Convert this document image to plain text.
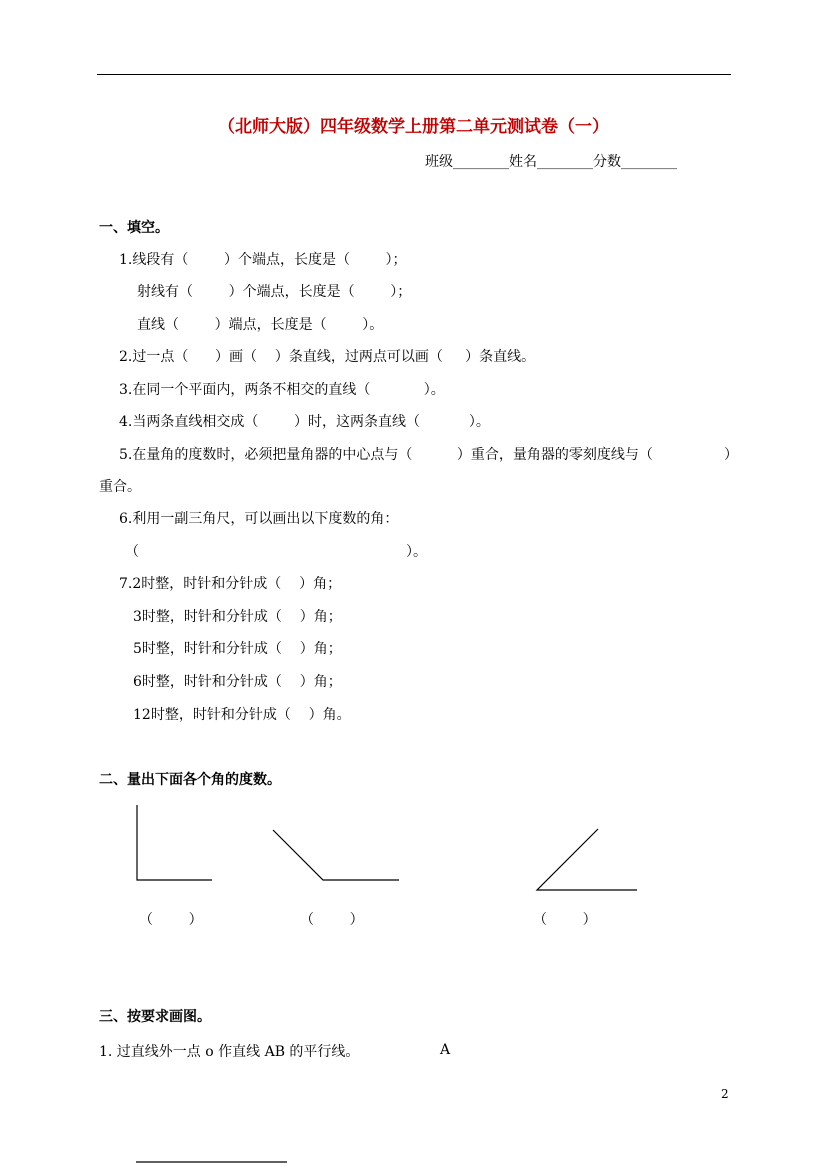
（北师大版）四年级数学上册第二单元测试卷（一）
班级________姓名________分数________
一、填空。
1.线段有（        ）个端点，长度是（        ）；
射线有（        ）个端点，长度是（        ）；
直线（        ）端点，长度是（        ）。
2.过一点（      ）画（    ）条直线，过两点可以画（     ）条直线。
3.在同一个平面内，两条不相交的直线（            ）。
4.当两条直线相交成（        ）时，这两条直线（           ）。
5.在量角的度数时，必须把量角器的中心点与（          ）重合，量角器的零刻度线与（                ）
重合。
6.利用一副三角尺，可以画出以下度数的角：
（                                                            ）。
7.2时整，时针和分针成（    ）角；
3时整，时针和分针成（    ）角；
5时整，时针和分针成（    ）角；
6时整，时针和分针成（    ）角；
12时整，时针和分针成（    ）角。
二、量出下面各个角的度数。
（        ）	（        ）	（        ）
三、按要求画图。
1. 过直线外一点 o 作直线 AB 的平行线。	A
2
